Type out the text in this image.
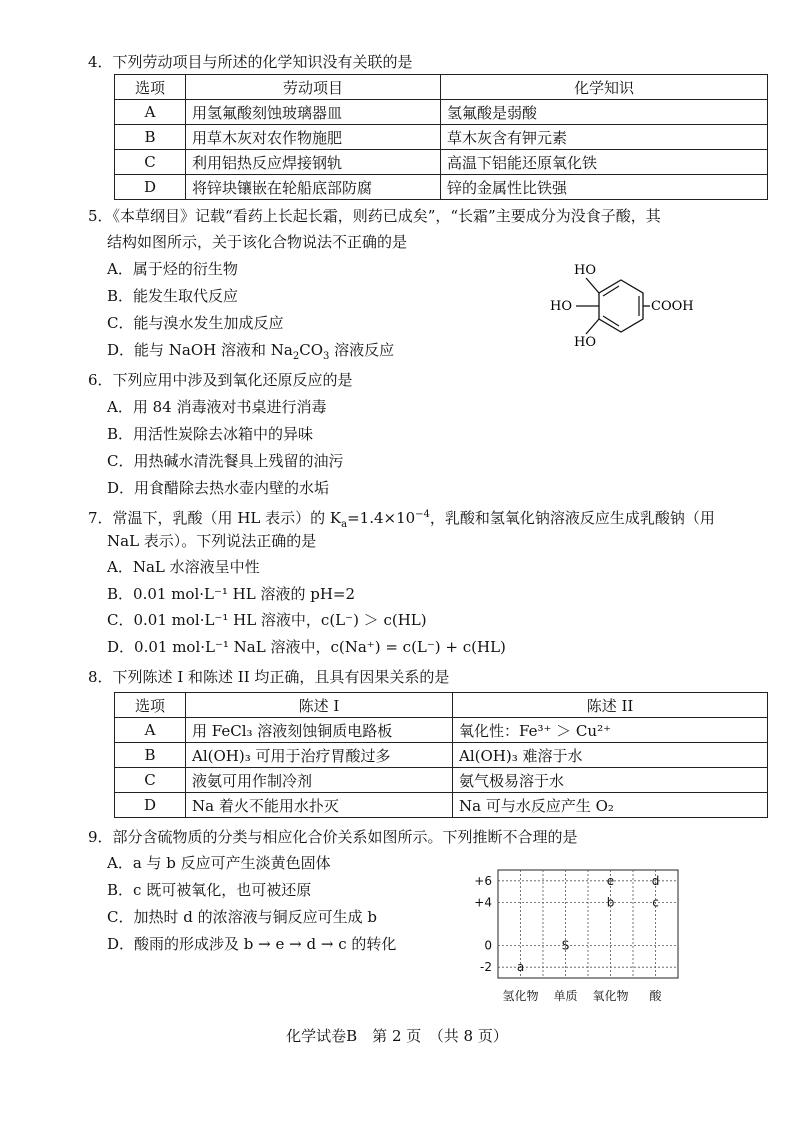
4．下列劳动项目与所述的化学知识没有关联的是
选项	劳动项目	化学知识
A	用氢氟酸刻蚀玻璃器皿	氢氟酸是弱酸
B	用草木灰对农作物施肥	草木灰含有钾元素
C	利用铝热反应焊接钢轨	高温下铝能还原氧化铁
D	将锌块镶嵌在轮船底部防腐	锌的金属性比铁强
5．《本草纲目》记载“看药上长起长霜，则药已成矣”，“长霜”主要成分为没食子酸，其
结构如图所示，关于该化合物说法不正确的是
A．属于烃的衍生物
B．能发生取代反应
C．能与溴水发生加成反应
D．能与 NaOH 溶液和 $Na_2CO_3$ 溶液反应
HO
HO
HO
COOH
6．下列应用中涉及到氧化还原反应的是
A．用 84 消毒液对书桌进行消毒
B．用活性炭除去冰箱中的异味
C．用热碱水清洗餐具上残留的油污
D．用食醋除去热水壶内壁的水垢
7．常温下，乳酸（用 HL 表示）的 $K_a=1.4\times 10^{-4}$，乳酸和氢氧化钠溶液反应生成乳酸钠（用
NaL 表示）。下列说法正确的是
A．NaL 水溶液呈中性
B．0.01 mol·L⁻¹ HL 溶液的 pH=2
C．0.01 mol·L⁻¹ HL 溶液中，c(L⁻) ＞ c(HL)
D．0.01 mol·L⁻¹ NaL 溶液中，c(Na⁺) = c(L⁻) + c(HL)
8．下列陈述 I 和陈述 II 均正确，且具有因果关系的是
选项	陈述 I	陈述 II
A	用 FeCl₃ 溶液刻蚀铜质电路板	氧化性：Fe³⁺ ＞ Cu²⁺
B	Al(OH)₃ 可用于治疗胃酸过多	Al(OH)₃ 难溶于水
C	液氨可用作制冷剂	氨气极易溶于水
D	Na 着火不能用水扑灭	Na 可与水反应产生 O₂
9．部分含硫物质的分类与相应化合价关系如图所示。下列推断不合理的是
A．a 与 b 反应可产生淡黄色固体
B．c 既可被氧化，也可被还原
C．加热时 d 的浓溶液与铜反应可生成 b
D．酸雨的形成涉及 b → e → d → c 的转化
+6
+4
0
-2
氢化物 单质 氧化物 酸
a
S
b
e
c
d
化学试卷B　第 2 页　（共 8 页）
